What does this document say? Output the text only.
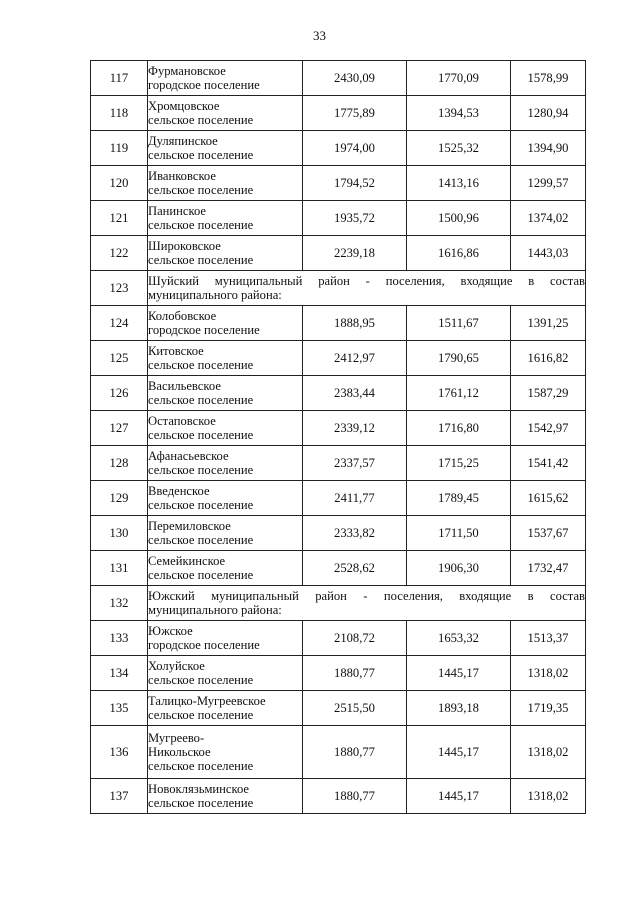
33
117	Фурмановское
городское поселение	2430,09	1770,09	1578,99
118	Хромцовское
сельское поселение	1775,89	1394,53	1280,94
119	Дуляпинское
сельское поселение	1974,00	1525,32	1394,90
120	Иванковское
сельское поселение	1794,52	1413,16	1299,57
121	Панинское
сельское поселение	1935,72	1500,96	1374,02
122	Широковское
сельское поселение	2239,18	1616,86	1443,03
123	Шуйский муниципальный район - поселения, входящие в состав муниципального района:			
124	Колобовское
городское поселение	1888,95	1511,67	1391,25
125	Китовское
сельское поселение	2412,97	1790,65	1616,82
126	Васильевское
сельское поселение	2383,44	1761,12	1587,29
127	Остаповское
сельское поселение	2339,12	1716,80	1542,97
128	Афанасьевское
сельское поселение	2337,57	1715,25	1541,42
129	Введенское
сельское поселение	2411,77	1789,45	1615,62
130	Перемиловское
сельское поселение	2333,82	1711,50	1537,67
131	Семейкинское
сельское поселение	2528,62	1906,30	1732,47
132	Южский муниципальный район - поселения, входящие в состав муниципального района:			
133	Южское
городское поселение	2108,72	1653,32	1513,37
134	Холуйское
сельское поселение	1880,77	1445,17	1318,02
135	Талицко-Мугреевское
сельское поселение	2515,50	1893,18	1719,35
136	Мугреево-
Никольское
сельское поселение	1880,77	1445,17	1318,02
137	Новоклязьминское
сельское поселение	1880,77	1445,17	1318,02
